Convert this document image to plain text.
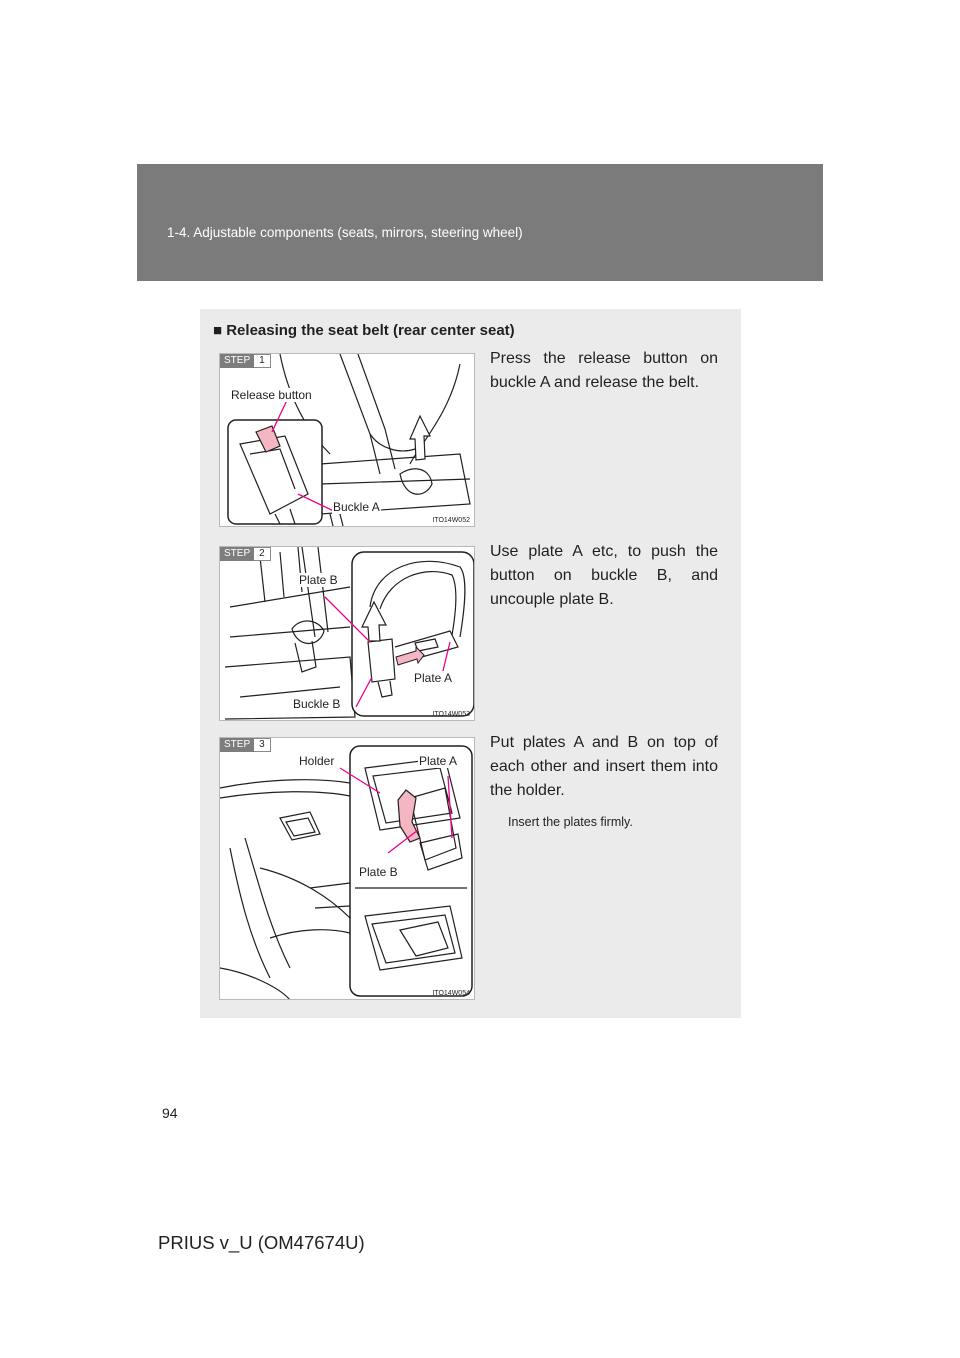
1-4. Adjustable components (seats, mirrors, steering wheel)
■ Releasing the seat belt (rear center seat)
STEP 1
Release button
Buckle A
ITO14W052
Press the release button on buckle A and release the belt.
STEP 2
Plate B
Plate A
Buckle B
ITO14W053
Use plate A etc, to push the button on buckle B, and uncouple plate B.
STEP 3
Holder	Plate A
Plate B
ITO14W054
Put plates A and B on top of each other and insert them into the holder.
Insert the plates firmly.
94
PRIUS v_U (OM47674U)
